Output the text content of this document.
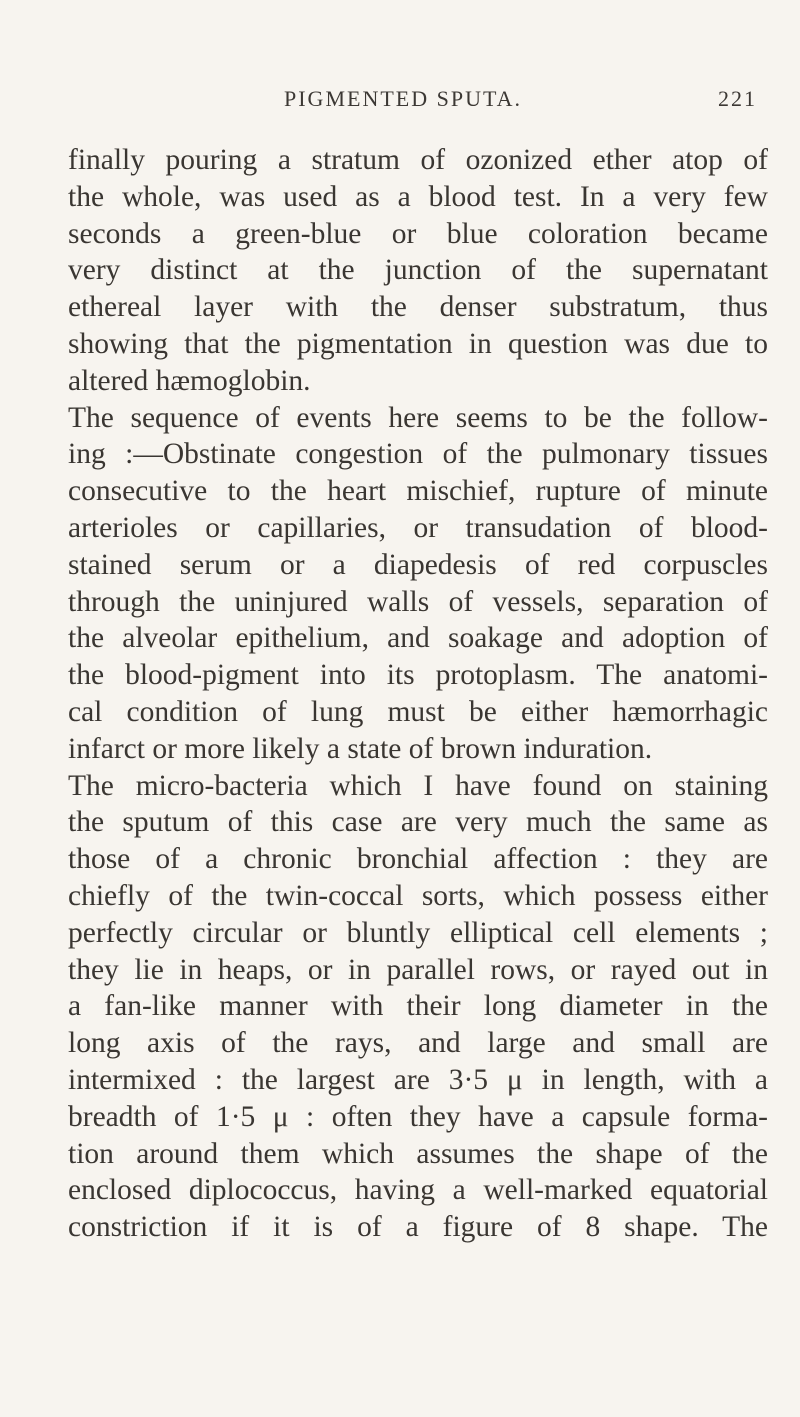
PIGMENTED SPUTA.	221
finally pouring a stratum of ozonized ether atop of
the whole, was used as a blood test. In a very few
seconds a green-blue or blue coloration became
very distinct at the junction of the supernatant
ethereal layer with the denser substratum, thus
showing that the pigmentation in question was due to
altered hæmoglobin.
The sequence of events here seems to be the follow-
ing :—Obstinate congestion of the pulmonary tissues
consecutive to the heart mischief, rupture of minute
arterioles or capillaries, or transudation of blood-
stained serum or a diapedesis of red corpuscles
through the uninjured walls of vessels, separation of
the alveolar epithelium, and soakage and adoption of
the blood-pigment into its protoplasm. The anatomi-
cal condition of lung must be either hæmorrhagic
infarct or more likely a state of brown induration.
The micro-bacteria which I have found on staining
the sputum of this case are very much the same as
those of a chronic bronchial affection : they are
chiefly of the twin-coccal sorts, which possess either
perfectly circular or bluntly elliptical cell elements ;
they lie in heaps, or in parallel rows, or rayed out in
a fan-like manner with their long diameter in the
long axis of the rays, and large and small are
intermixed : the largest are 3·5 μ in length, with a
breadth of 1·5 μ : often they have a capsule forma-
tion around them which assumes the shape of the
enclosed diplococcus, having a well-marked equatorial
constriction if it is of a figure of 8 shape. The
